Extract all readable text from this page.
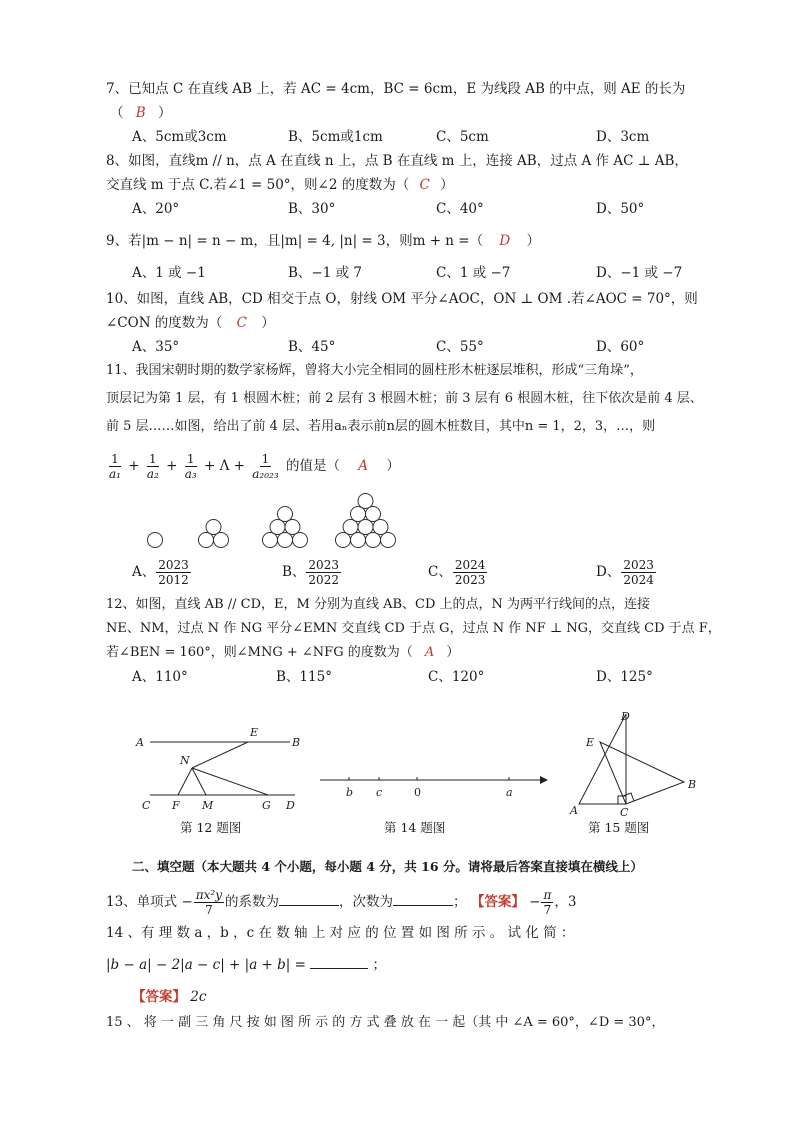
7、已知点 C 在直线 AB 上，若 AC = 4cm，BC = 6cm，E 为线段 AB 的中点，则 AE 的长为
（ B ）
A、5cm或3cm	B、5cm或1cm	C、5cm	D、3cm
8、如图，直线m // n，点 A 在直线 n 上，点 B 在直线 m 上，连接 AB，过点 A 作 AC ⊥ AB，
交直线 m 于点 C.若∠1 = 50°，则∠2 的度数为（ C ）
A、20°	B、30°	C、40°	D、50°
9、若|m − n| = n − m，且|m| = 4, |n| = 3，则m + n =（ D ）
A、1 或 −1	B、−1 或 7	C、1 或 −7	D、−1 或 −7
10、如图，直线 AB，CD 相交于点 O，射线 OM 平分∠AOC，ON ⊥ OM .若∠AOC = 70°，则
∠CON 的度数为（ C ）
A、35°	B、45°	C、55°	D、60°
11、我国宋朝时期的数学家杨辉，曾将大小完全相同的圆柱形木桩逐层堆积，形成“三角垛”，
顶层记为第 1 层，有 1 根圆木桩；前 2 层有 3 根圆木桩；前 3 层有 6 根圆木桩，往下依次是前 4 层、
前 5 层……如图，给出了前 4 层、若用aₙ表示前n层的圆木桩数目，其中n = 1，2，3，…，则
$\frac{1}{\text{a₁}} + \frac{1}{\text{a₂}} + \frac{1}{\text{a₃}} + \Lambda + \frac{1}{\text{a₂₀₂₃}}$ 的值是（ A ）
A、 $\frac{2023}{2012}$	B、 $\frac{2023}{2022}$	C、 $\frac{2024}{2023}$	D、 $\frac{2023}{2024}$
12、如图，直线 AB // CD，E，M 分别为直线 AB、CD 上的点，N 为两平行线间的点，连接
NE、NM，过点 N 作 NG 平分∠EMN 交直线 CD 于点 G，过点 N 作 NF ⊥ NG，交直线 CD 于点 F，
若∠BEN = 160°，则∠MNG + ∠NFG 的度数为（ A ）
A、110°	B、115°	C、120°	D、125°
A
E
B
N
C F M	G D
第 12 题图
b c	0	a
第 14 题图
D
E
B
A	C
第 15 题图
二、填空题（本大题共 4 个小题，每小题 4 分，共 16 分。请将最后答案直接填在横线上）
13、单项式 − $\frac{\text{πx²y}}{7}$ 的系数为	，次数为	； 【答案】 − $\frac{\pi}{7}$ ，3
14 、有 理 数 a ，b ，c 在 数 轴 上 对 应 的 位 置 如 图 所 示 。 试 化 简 ：
|b − a| − 2|a − c| + |a + b| =	；
【答案】 2c
15 、 将 一 副 三 角 尺 按 如 图 所 示 的 方 式 叠 放 在 一 起（其 中 ∠A = 60°，∠D = 30°，
